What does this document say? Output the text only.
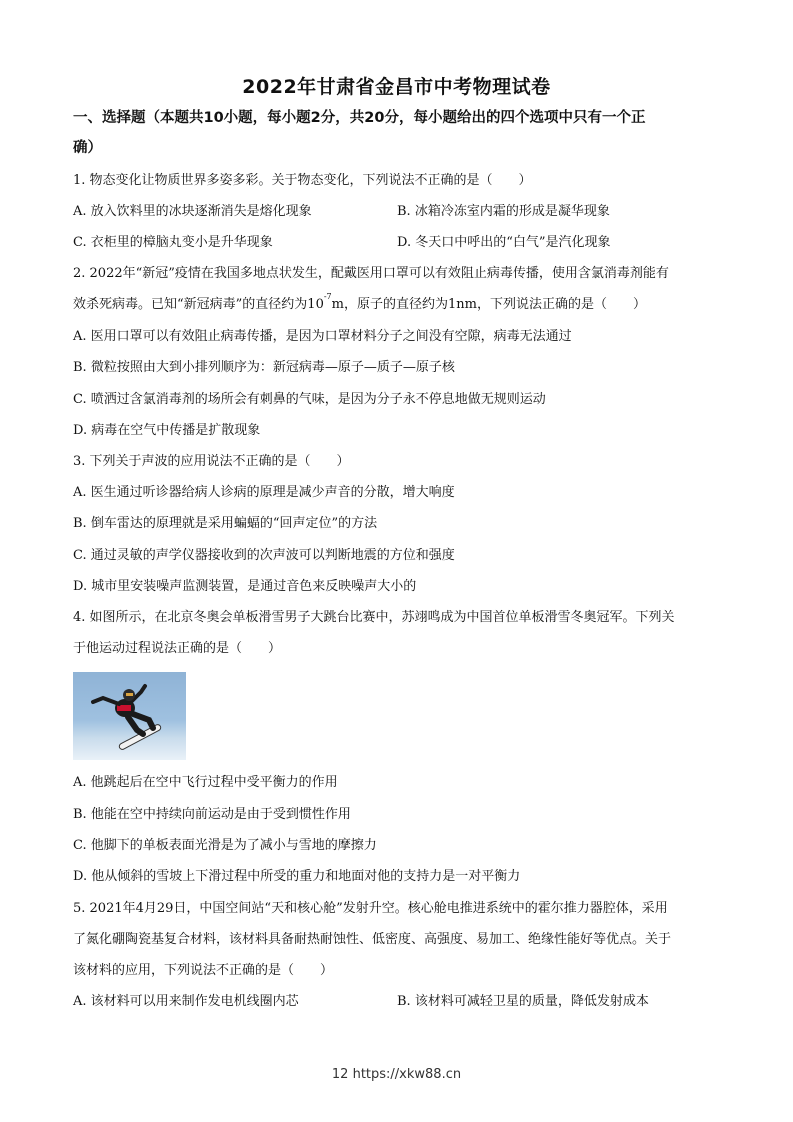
2022年甘肃省金昌市中考物理试卷
一、选择题（本题共10小题，每小题2分，共20分，每小题给出的四个选项中只有一个正
确）
1. 物态变化让物质世界多姿多彩。关于物态变化，下列说法不正确的是（　　）
A. 放入饮料里的冰块逐渐消失是熔化现象	B. 冰箱冷冻室内霜的形成是凝华现象
C. 衣柜里的樟脑丸变小是升华现象	D. 冬天口中呼出的“白气”是汽化现象
2. 2022年“新冠”疫情在我国多地点状发生，配戴医用口罩可以有效阻止病毒传播，使用含氯消毒剂能有
效杀死病毒。已知“新冠病毒”的直径约为$10^{-7}m$，原子的直径约为1nm，下列说法正确的是（　　）
A. 医用口罩可以有效阻止病毒传播，是因为口罩材料分子之间没有空隙，病毒无法通过
B. 微粒按照由大到小排列顺序为：新冠病毒—原子—质子—原子核
C. 喷洒过含氯消毒剂的场所会有刺鼻的气味，是因为分子永不停息地做无规则运动
D. 病毒在空气中传播是扩散现象
3. 下列关于声波的应用说法不正确的是（　　）
A. 医生通过听诊器给病人诊病的原理是减少声音的分散，增大响度
B. 倒车雷达的原理就是采用蝙蝠的“回声定位”的方法
C. 通过灵敏的声学仪器接收到的次声波可以判断地震的方位和强度
D. 城市里安装噪声监测装置，是通过音色来反映噪声大小的
4. 如图所示，在北京冬奥会单板滑雪男子大跳台比赛中，苏翊鸣成为中国首位单板滑雪冬奥冠军。下列关
于他运动过程说法正确的是（　　）
A. 他跳起后在空中飞行过程中受平衡力的作用
B. 他能在空中持续向前运动是由于受到惯性作用
C. 他脚下的单板表面光滑是为了减小与雪地的摩擦力
D. 他从倾斜的雪坡上下滑过程中所受的重力和地面对他的支持力是一对平衡力
5. 2021年4月29日，中国空间站“天和核心舱”发射升空。核心舱电推进系统中的霍尔推力器腔体，采用
了氮化硼陶瓷基复合材料，该材料具备耐热耐蚀性、低密度、高强度、易加工、绝缘性能好等优点。关于
该材料的应用，下列说法不正确的是（　　）
A. 该材料可以用来制作发电机线圈内芯	B. 该材料可减轻卫星的质量，降低发射成本
12 https://xkw88.cn
